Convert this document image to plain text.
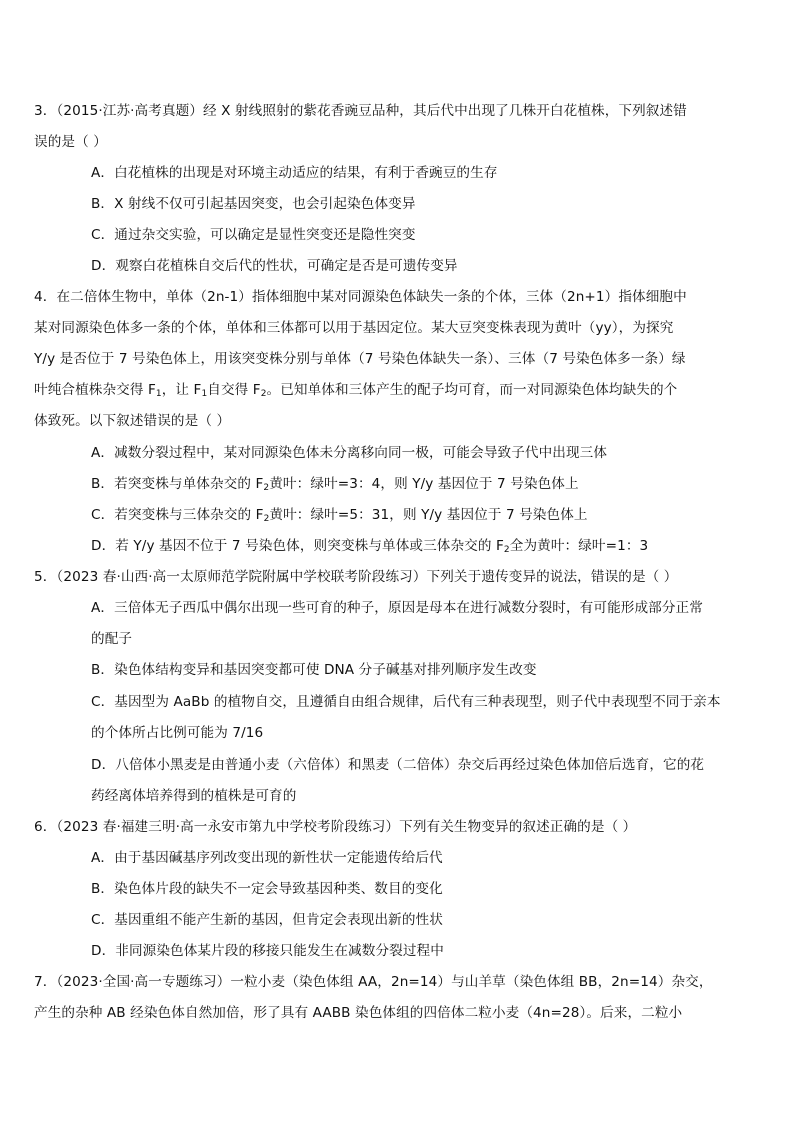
3．（2015·江苏·高考真题）经 X 射线照射的紫花香豌豆品种，其后代中出现了几株开白花植株，下列叙述错
误的是（ ）
A．白花植株的出现是对环境主动适应的结果，有利于香豌豆的生存
B．X 射线不仅可引起基因突变，也会引起染色体变异
C．通过杂交实验，可以确定是显性突变还是隐性突变
D．观察白花植株自交后代的性状，可确定是否是可遗传变异
4．在二倍体生物中，单体（2n-1）指体细胞中某对同源染色体缺失一条的个体，三体（2n+1）指体细胞中
某对同源染色体多一条的个体，单体和三体都可以用于基因定位。某大豆突变株表现为黄叶（yy），为探究
Y/y 是否位于 7 号染色体上，用该突变株分别与单体（7 号染色体缺失一条）、三体（7 号染色体多一条）绿
叶纯合植株杂交得 $F_1$，让 $F_1$自交得 $F_2$。已知单体和三体产生的配子均可育，而一对同源染色体均缺失的个
体致死。以下叙述错误的是（ ）
A．减数分裂过程中，某对同源染色体未分离移向同一极，可能会导致子代中出现三体
B．若突变株与单体杂交的 $F_2$黄叶：绿叶=3：4，则 Y/y 基因位于 7 号染色体上
C．若突变株与三体杂交的 $F_2$黄叶：绿叶=5：31，则 Y/y 基因位于 7 号染色体上
D．若 Y/y 基因不位于 7 号染色体，则突变株与单体或三体杂交的 $F_2$全为黄叶：绿叶=1：3
5．（2023 春·山西·高一太原师范学院附属中学校联考阶段练习）下列关于遗传变异的说法，错误的是（ ）
A．三倍体无子西瓜中偶尔出现一些可育的种子，原因是母本在进行减数分裂时，有可能形成部分正常
的配子
B．染色体结构变异和基因突变都可使 DNA 分子碱基对排列顺序发生改变
C．基因型为 AaBb 的植物自交，且遵循自由组合规律，后代有三种表现型，则子代中表现型不同于亲本
的个体所占比例可能为 7/16
D．八倍体小黑麦是由普通小麦（六倍体）和黑麦（二倍体）杂交后再经过染色体加倍后选育，它的花
药经离体培养得到的植株是可育的
6．（2023 春·福建三明·高一永安市第九中学校考阶段练习）下列有关生物变异的叙述正确的是（ ）
A．由于基因碱基序列改变出现的新性状一定能遗传给后代
B．染色体片段的缺失不一定会导致基因种类、数目的变化
C．基因重组不能产生新的基因，但肯定会表现出新的性状
D．非同源染色体某片段的移接只能发生在减数分裂过程中
7．（2023·全国·高一专题练习）一粒小麦（染色体组 AA，2n=14）与山羊草（染色体组 BB，2n=14）杂交，
产生的杂种 AB 经染色体自然加倍，形了具有 AABB 染色体组的四倍体二粒小麦（4n=28）。后来，二粒小
